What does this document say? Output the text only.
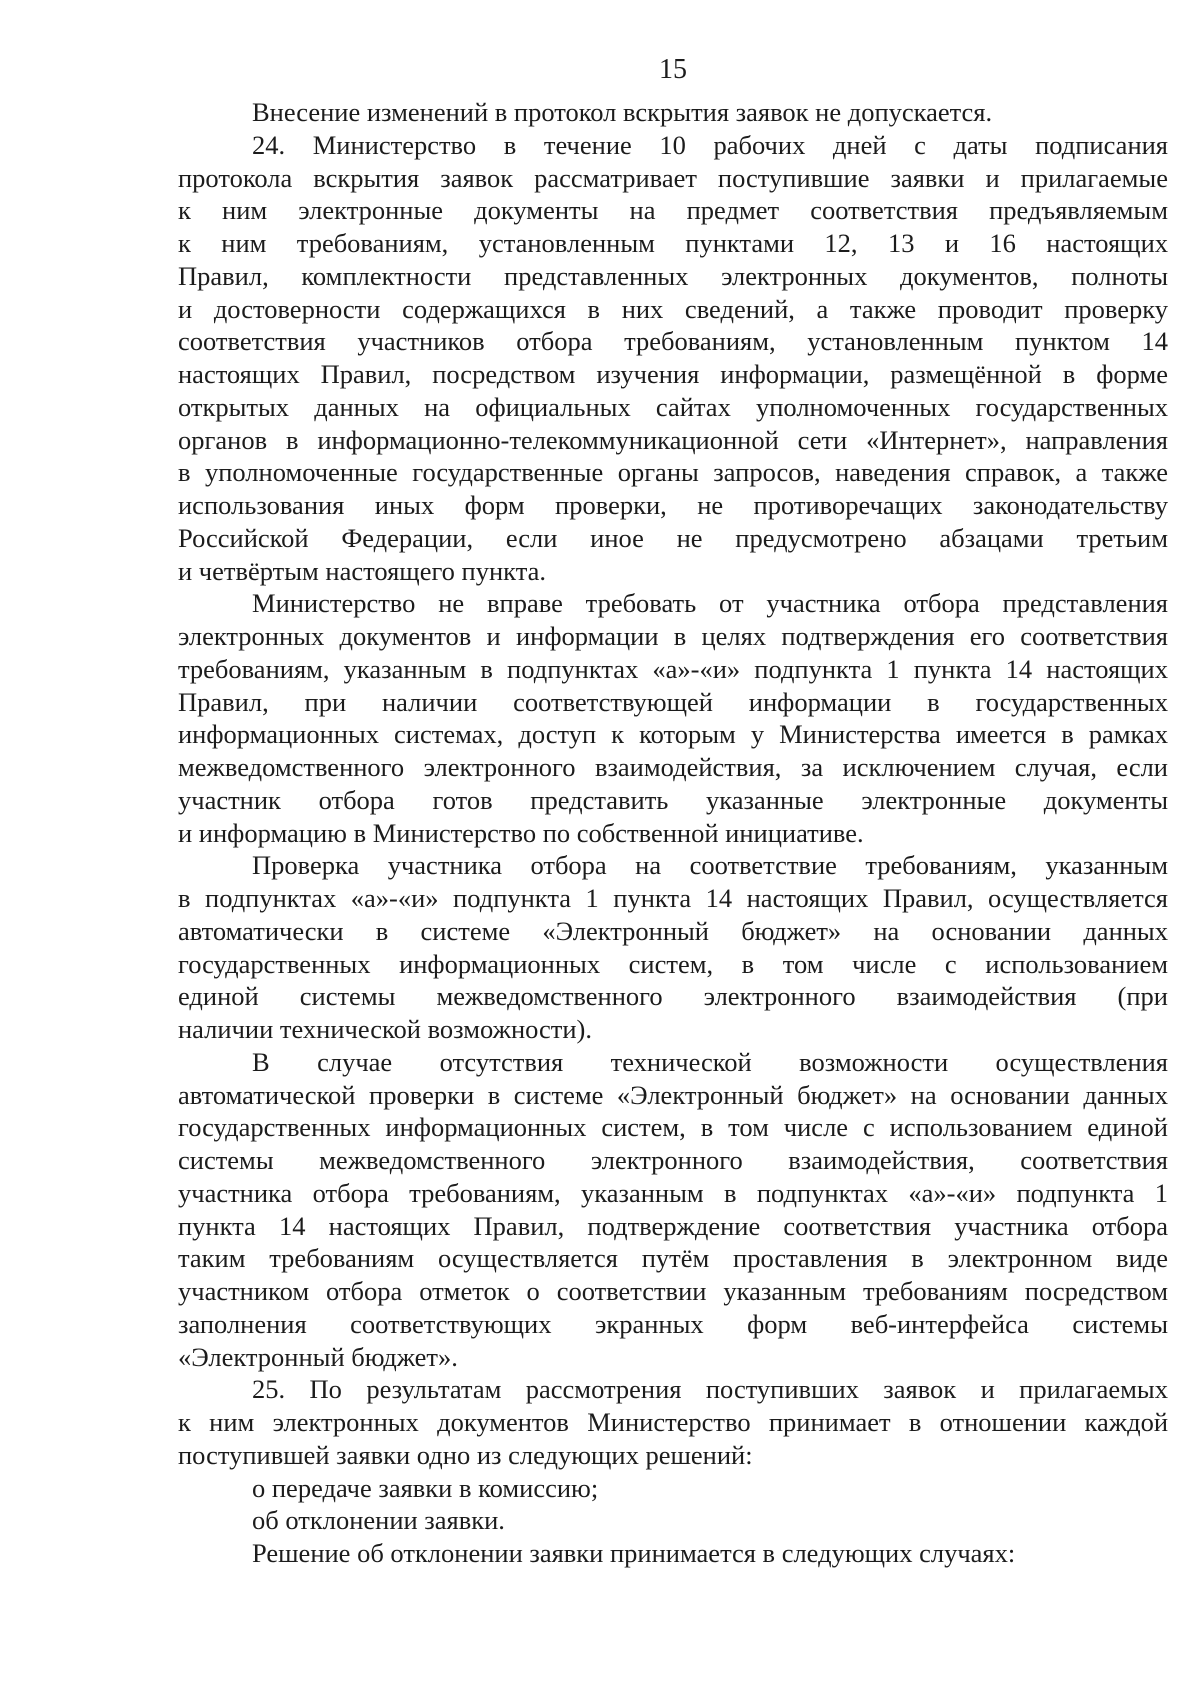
15
Внесение изменений в протокол вскрытия заявок не допускается.
24. Министерство в течение 10 рабочих дней с даты подписания
протокола вскрытия заявок рассматривает поступившие заявки и прилагаемые
к ним электронные документы на предмет соответствия предъявляемым
к ним требованиям, установленным пунктами 12, 13 и 16 настоящих
Правил, комплектности представленных электронных документов, полноты
и достоверности содержащихся в них сведений, а также проводит проверку
соответствия участников отбора требованиям, установленным пунктом 14
настоящих Правил, посредством изучения информации, размещённой в форме
открытых данных на официальных сайтах уполномоченных государственных
органов в информационно-телекоммуникационной сети «Интернет», направления
в уполномоченные государственные органы запросов, наведения справок, а также
использования иных форм проверки, не противоречащих законодательству
Российской Федерации, если иное не предусмотрено абзацами третьим
и четвёртым настоящего пункта.
Министерство не вправе требовать от участника отбора представления
электронных документов и информации в целях подтверждения его соответствия
требованиям, указанным в подпунктах «а»-«и» подпункта 1 пункта 14 настоящих
Правил, при наличии соответствующей информации в государственных
информационных системах, доступ к которым у Министерства имеется в рамках
межведомственного электронного взаимодействия, за исключением случая, если
участник отбора готов представить указанные электронные документы
и информацию в Министерство по собственной инициативе.
Проверка участника отбора на соответствие требованиям, указанным
в подпунктах «а»-«и» подпункта 1 пункта 14 настоящих Правил, осуществляется
автоматически в системе «Электронный бюджет» на основании данных
государственных информационных систем, в том числе с использованием
единой системы межведомственного электронного взаимодействия (при
наличии технической возможности).
В случае отсутствия технической возможности осуществления
автоматической проверки в системе «Электронный бюджет» на основании данных
государственных информационных систем, в том числе с использованием единой
системы межведомственного электронного взаимодействия, соответствия
участника отбора требованиям, указанным в подпунктах «а»-«и» подпункта 1
пункта 14 настоящих Правил, подтверждение соответствия участника отбора
таким требованиям осуществляется путём проставления в электронном виде
участником отбора отметок о соответствии указанным требованиям посредством
заполнения соответствующих экранных форм веб-интерфейса системы
«Электронный бюджет».
25. По результатам рассмотрения поступивших заявок и прилагаемых
к ним электронных документов Министерство принимает в отношении каждой
поступившей заявки одно из следующих решений:
о передаче заявки в комиссию;
об отклонении заявки.
Решение об отклонении заявки принимается в следующих случаях:
